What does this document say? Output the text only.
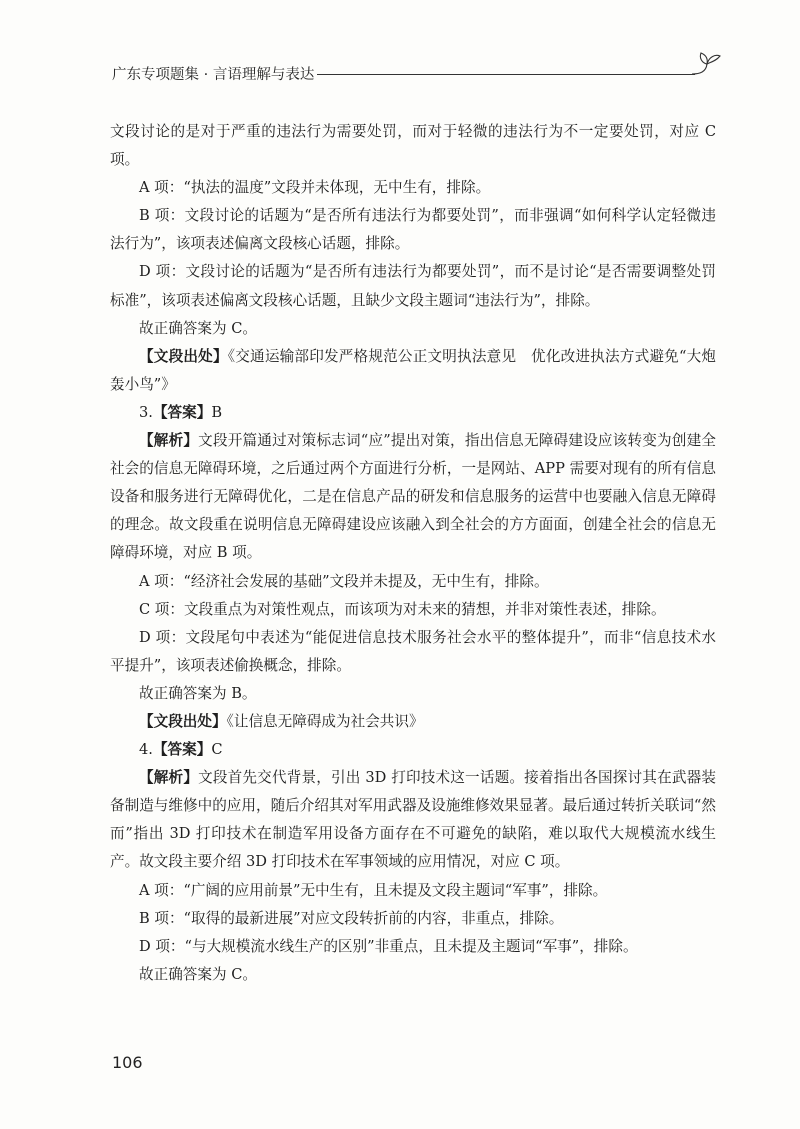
广东专项题集 · 言语理解与表达

文段讨论的是对于严重的违法行为需要处罚，而对于轻微的违法行为不一定要处罚，对应 C 项。

A 项：“执法的温度”文段并未体现，无中生有，排除。

B 项：文段讨论的话题为“是否所有违法行为都要处罚”，而非强调“如何科学认定轻微违法行为”，该项表述偏离文段核心话题，排除。

D 项：文段讨论的话题为“是否所有违法行为都要处罚”，而不是讨论“是否需要调整处罚标准”，该项表述偏离文段核心话题，且缺少文段主题词“违法行为”，排除。

故正确答案为 C。

【文段出处】《交通运输部印发严格规范公正文明执法意见　优化改进执法方式避免“大炮轰小鸟”》

3.【答案】B

【解析】文段开篇通过对策标志词“应”提出对策，指出信息无障碍建设应该转变为创建全社会的信息无障碍环境，之后通过两个方面进行分析，一是网站、APP 需要对现有的所有信息设备和服务进行无障碍优化，二是在信息产品的研发和信息服务的运营中也要融入信息无障碍的理念。故文段重在说明信息无障碍建设应该融入到全社会的方方面面，创建全社会的信息无障碍环境，对应 B 项。

A 项：“经济社会发展的基础”文段并未提及，无中生有，排除。

C 项：文段重点为对策性观点，而该项为对未来的猜想，并非对策性表述，排除。

D 项：文段尾句中表述为“能促进信息技术服务社会水平的整体提升”，而非“信息技术水平提升”，该项表述偷换概念，排除。

故正确答案为 B。

【文段出处】《让信息无障碍成为社会共识》

4.【答案】C

【解析】文段首先交代背景，引出 3D 打印技术这一话题。接着指出各国探讨其在武器装备制造与维修中的应用，随后介绍其对军用武器及设施维修效果显著。最后通过转折关联词“然而”指出 3D 打印技术在制造军用设备方面存在不可避免的缺陷，难以取代大规模流水线生产。故文段主要介绍 3D 打印技术在军事领域的应用情况，对应 C 项。

A 项：“广阔的应用前景”无中生有，且未提及文段主题词“军事”，排除。

B 项：“取得的最新进展”对应文段转折前的内容，非重点，排除。

D 项：“与大规模流水线生产的区别”非重点，且未提及主题词“军事”，排除。

故正确答案为 C。

106
